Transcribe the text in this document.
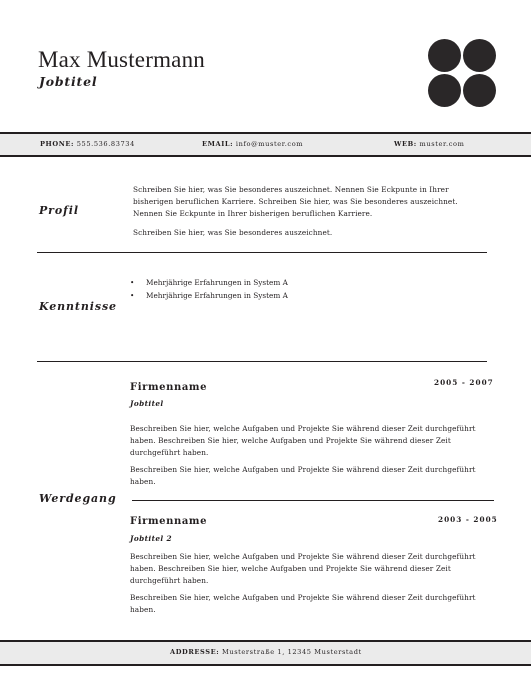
Max Mustermann
Jobtitel
PHONE: 555.536.83734	EMAIL: info@muster.com	WEB: muster.com
Profil
Schreiben Sie hier, was Sie besonderes auszeichnet. Nennen Sie Eckpunte in Ihrer bisherigen beruflichen Karriere. Schreiben Sie hier, was Sie besonderes auszeichnet. Nennen Sie Eckpunte in Ihrer bisherigen beruflichen Karriere.
Schreiben Sie hier, was Sie besonderes auszeichnet.
Kenntnisse
• Mehrjährige Erfahrungen in System A
• Mehrjährige Erfahrungen in System A
Werdegang
Firmenname	2005 - 2007
Jobtitel
Beschreiben Sie hier, welche Aufgaben und Projekte Sie während dieser Zeit durchgeführt haben. Beschreiben Sie hier, welche Aufgaben und Projekte Sie während dieser Zeit durchgeführt haben.
Beschreiben Sie hier, welche Aufgaben und Projekte Sie während dieser Zeit durchgeführt haben.
Firmenname	2003 - 2005
Jobtitel 2
Beschreiben Sie hier, welche Aufgaben und Projekte Sie während dieser Zeit durchgeführt haben. Beschreiben Sie hier, welche Aufgaben und Projekte Sie während dieser Zeit durchgeführt haben.
Beschreiben Sie hier, welche Aufgaben und Projekte Sie während dieser Zeit durchgeführt haben.
ADDRESSE: Musterstraße 1, 12345 Musterstadt
